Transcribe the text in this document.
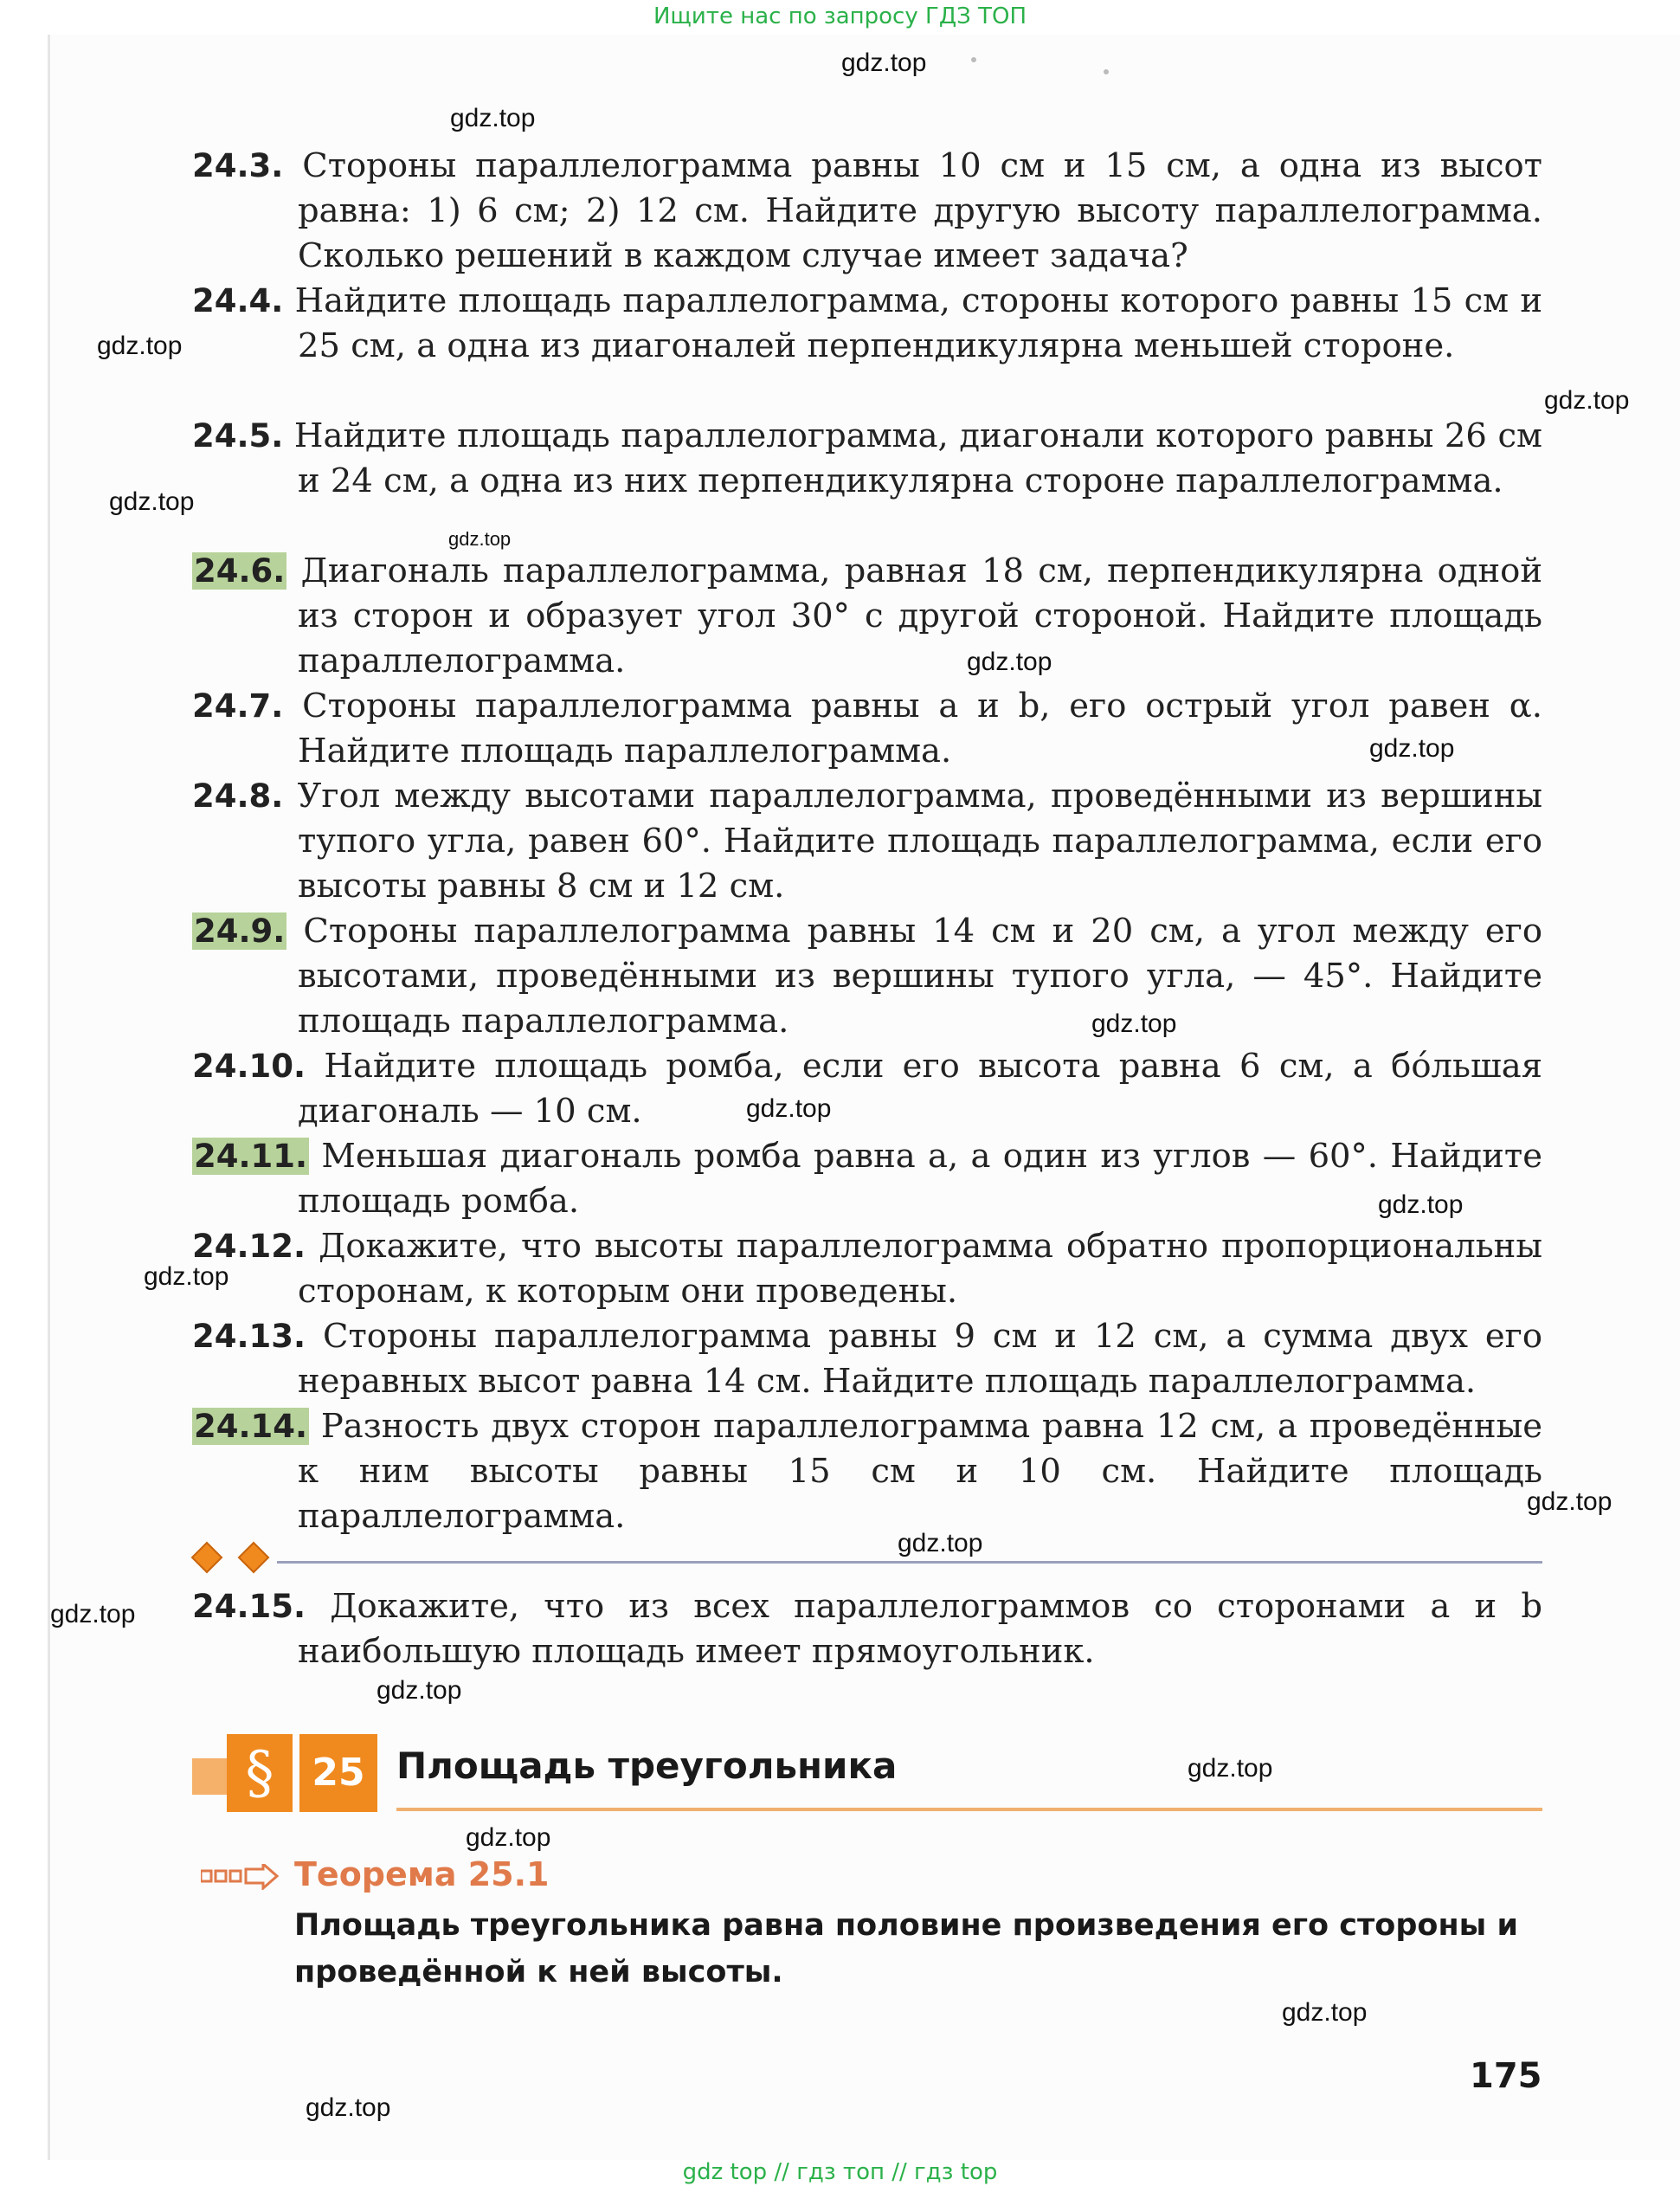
Ищите нас по запросу ГДЗ ТОП
24.3. Стороны параллелограмма равны 10 см и 15 см, а одна из высот равна: 1) 6 см; 2) 12 см. Найдите другую высоту параллелограмма. Сколько решений в каждом случае имеет задача?
24.4. Найдите площадь параллелограмма, стороны которого равны 15 см и 25 см, а одна из диагоналей перпендикулярна меньшей стороне.
24.5. Найдите площадь параллелограмма, диагонали которого равны 26 см и 24 см, а одна из них перпендикулярна стороне параллелограмма.
24.6. Диагональ параллелограмма, равная 18 см, перпендикулярна одной из сторон и образует угол 30° с другой стороной. Найдите площадь параллелограмма.
24.7. Стороны параллелограмма равны a и b, его острый угол равен α. Найдите площадь параллелограмма.
24.8. Угол между высотами параллелограмма, проведёнными из вершины тупого угла, равен 60°. Найдите площадь параллелограмма, если его высоты равны 8 см и 12 см.
24.9. Стороны параллелограмма равны 14 см и 20 см, а угол между его высотами, проведёнными из вершины тупого угла, — 45°. Найдите площадь параллелограмма.
24.10. Найдите площадь ромба, если его высота равна 6 см, а бóльшая диагональ — 10 см.
24.11. Меньшая диагональ ромба равна a, а один из углов — 60°. Найдите площадь ромба.
24.12. Докажите, что высоты параллелограмма обратно пропорциональны сторонам, к которым они проведены.
24.13. Стороны параллелограмма равны 9 см и 12 см, а сумма двух его неравных высот равна 14 см. Найдите площадь параллелограмма.
24.14. Разность двух сторон параллелограмма равна 12 см, а проведённые к ним высоты равны 15 см и 10 см. Найдите площадь параллелограмма.
24.15. Докажите, что из всех параллелограммов со сторонами a и b наибольшую площадь имеет прямоугольник.
§ 25 Площадь треугольника
Теорема 25.1
Площадь треугольника равна половине произведения его стороны и проведённой к ней высоты.
175
gdz.top
gdz.top
gdz.top
gdz.top
gdz.top
gdz.top
gdz.top
gdz.top
gdz.top
gdz.top
gdz.top
gdz.top
gdz.top
gdz.top
gdz.top
gdz.top
gdz.top
gdz.top
gdz.top
gdz.top
gdz top // гдз топ // гдз top
